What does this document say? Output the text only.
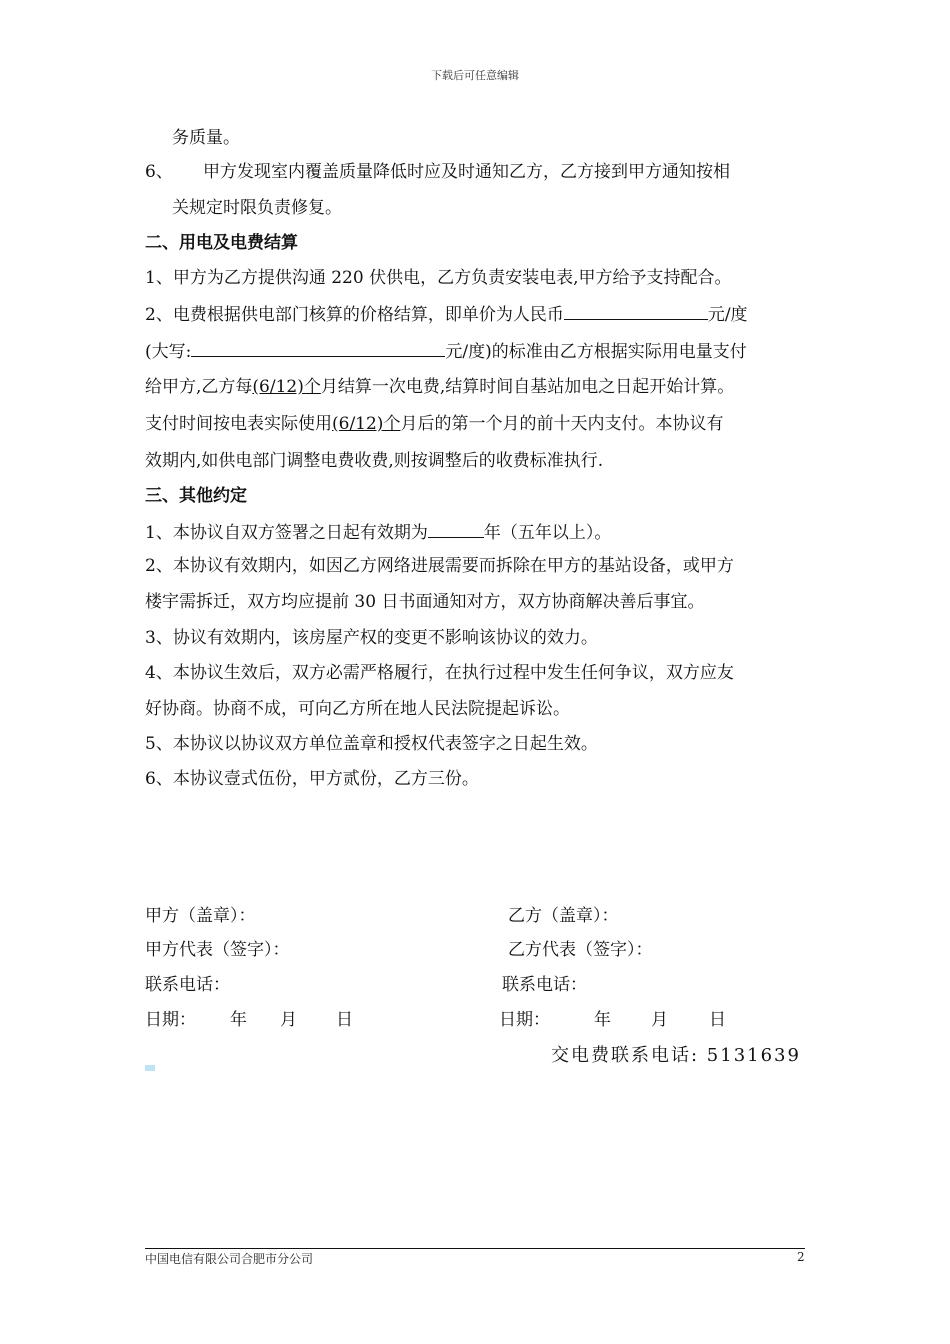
下载后可任意编辑
务质量。
6、 甲方发现室内覆盖质量降低时应及时通知乙方，乙方接到甲方通知按相
关规定时限负责修复。
二、用电及电费结算
1、甲方为乙方提供沟通 220 伏供电，乙方负责安装电表,甲方给予支持配合。
2、电费根据供电部门核算的价格结算，即单价为人民币	元/度
(大写:	元/度)的标准由乙方根据实际用电量支付
给甲方,乙方每(6/12)个月结算一次电费,结算时间自基站加电之日起开始计算。
支付时间按电表实际使用(6/12)个月后的第一个月的前十天内支付。本协议有
效期内,如供电部门调整电费收费,则按调整后的收费标准执行.
三、其他约定
1、本协议自双方签署之日起有效期为	年（五年以上）。
2、本协议有效期内，如因乙方网络进展需要而拆除在甲方的基站设备，或甲方
楼宇需拆迁，双方均应提前 30 日书面通知对方，双方协商解决善后事宜。
3、协议有效期内，该房屋产权的变更不影响该协议的效力。
4、本协议生效后，双方必需严格履行，在执行过程中发生任何争议，双方应友
好协商。协商不成，可向乙方所在地人民法院提起诉讼。
5、本协议以协议双方单位盖章和授权代表签字之日起生效。
6、本协议壹式伍份，甲方贰份，乙方三份。
甲方（盖章）：	乙方（盖章）：
甲方代表（签字）：	乙方代表（签字）：
联系电话：	联系电话：
日期： 年 月 日	日期：	年 月 日
交电费联系电话: 5131639
中国电信有限公司合肥市分公司	2
